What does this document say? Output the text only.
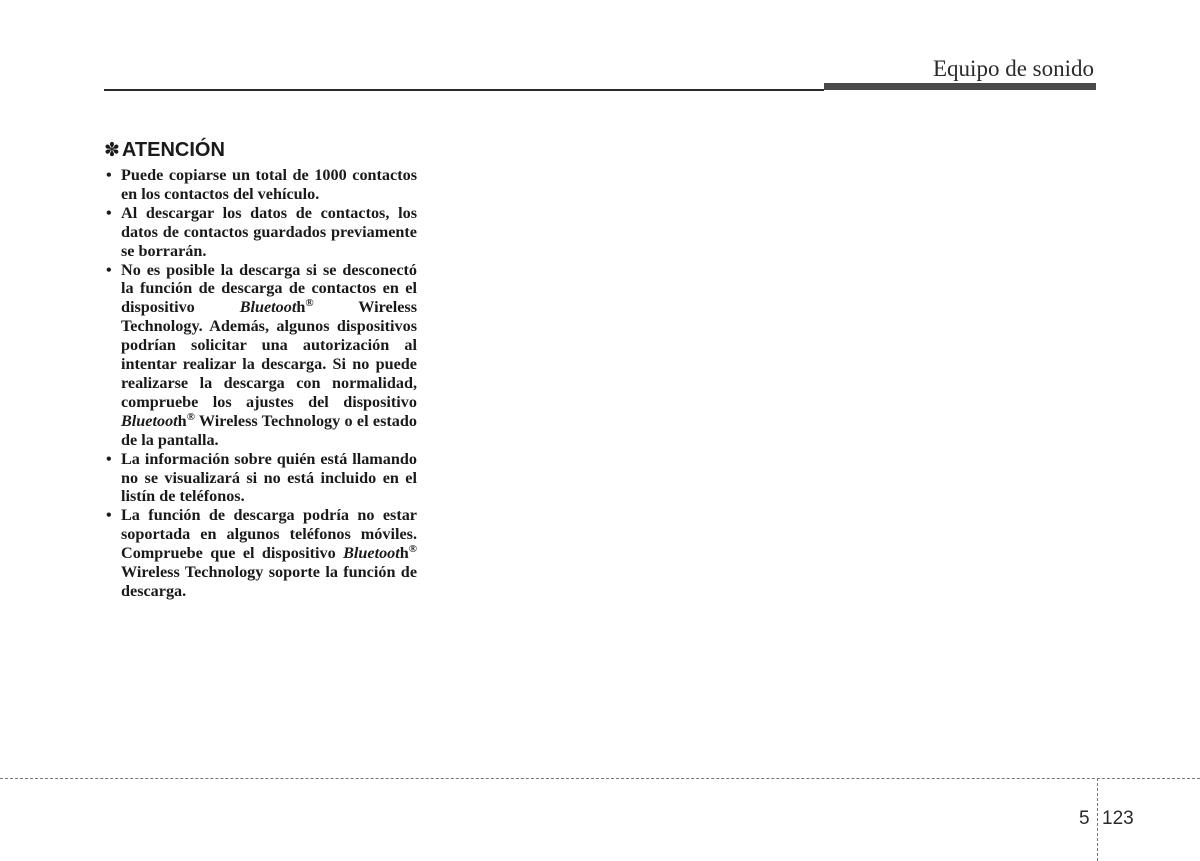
Equipo de sonido
✽ ATENCIÓN
• Puede copiarse un total de 1000 contactos en los contactos del vehículo.
• Al descargar los datos de contactos, los datos de contactos guardados previamente se borrarán.
• No es posible la descarga si se desconectó la función de descarga de contactos en el dispositivo Bluetooth® Wireless Technology. Además, algunos dispositivos podrían solicitar una autorización al intentar realizar la descarga. Si no puede realizarse la descarga con normalidad, compruebe los ajustes del dispositivo Bluetooth® Wireless Technology o el estado de la pantalla.
• La información sobre quién está llamando no se visualizará si no está incluido en el listín de teléfonos.
• La función de descarga podría no estar soportada en algunos teléfonos móviles. Compruebe que el dispositivo Bluetooth® Wireless Technology soporte la función de descarga.
5 123
